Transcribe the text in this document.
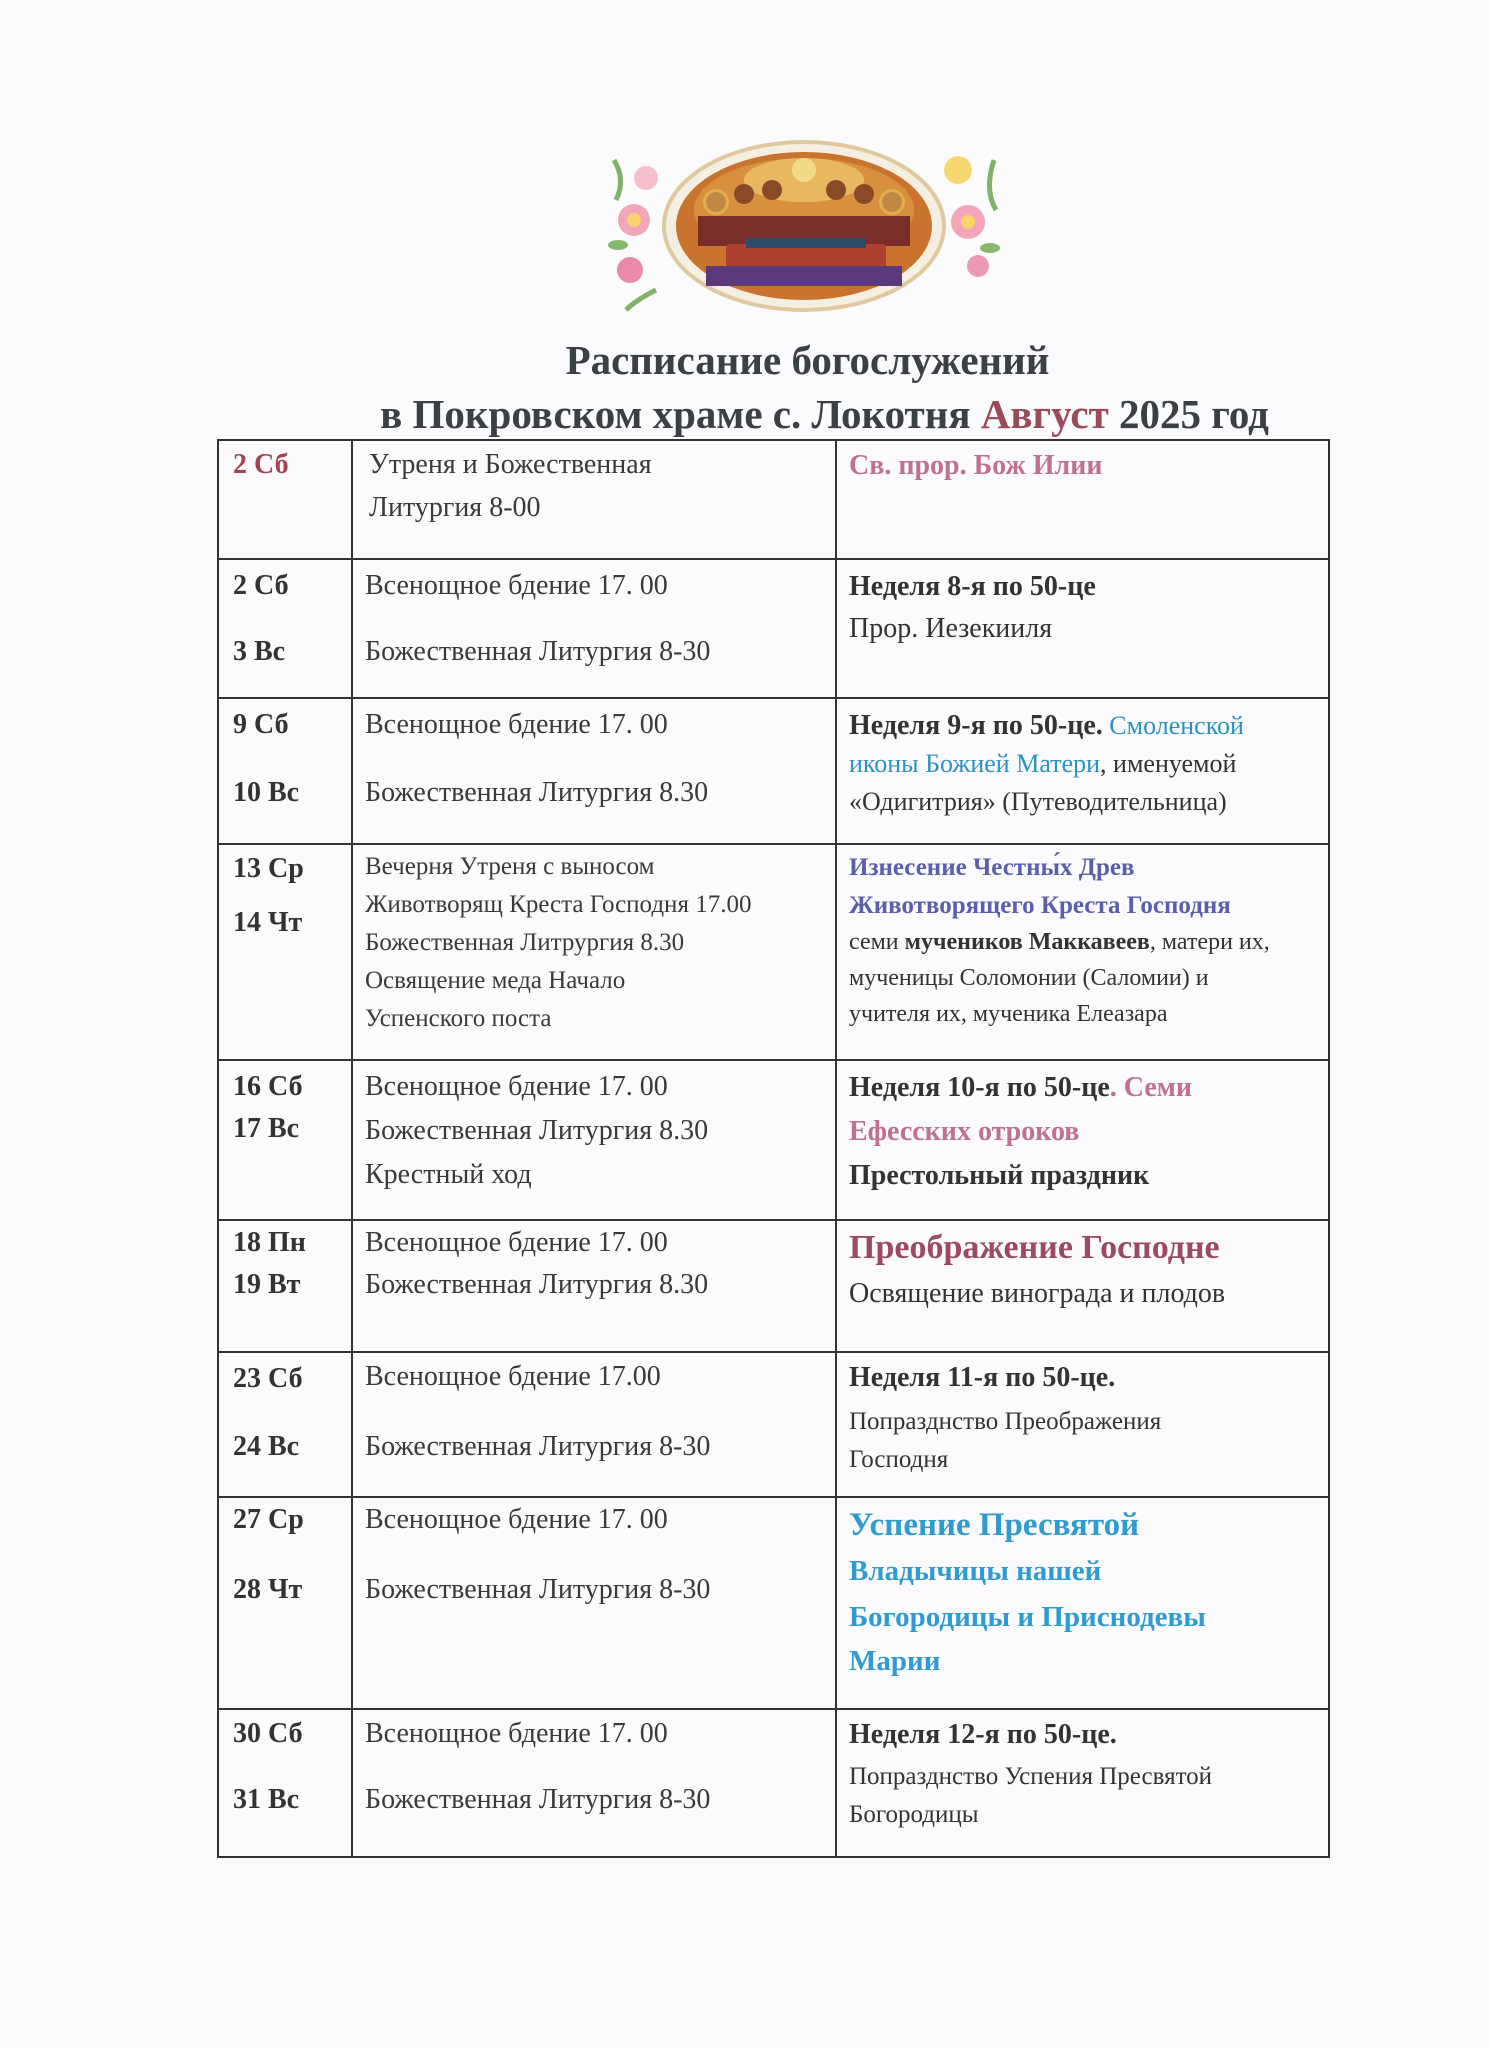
Расписание богослужений
в Покровском храме с. Локотня Август 2025 год
2 Сб	Утреня и Божественная
Литургия 8-00
Св. прор. Бож Илии
2 Сб
3 Вс
Всенощное бдение 17. 00
Божественная Литургия 8-30
Неделя 8-я по 50-це
Прор. Иезекииля
9 Сб
10 Вс
Всенощное бдение 17. 00
Божественная Литургия 8.30
Неделя 9-я по 50-це. Смоленской иконы Божией Матери, именуемой «Одигитрия» (Путеводительница)
13 Ср
14 Чт
Вечерня Утреня с выносом
Животворящ Креста Господня 17.00
Божественная Литрургия 8.30
Освящение меда Начало
Успенского поста
Изнесение Честны́х Древ
Животворящего Креста Господня
семи мучеников Маккавеев, матери их,
мученицы Соломонии (Саломии) и
учителя их, мученика Елеазара
16 Сб
17 Вс
Всенощное бдение 17. 00
Божественная Литургия 8.30
Крестный ход
Неделя 10-я по 50-це. Семи
Ефесских отроков
Престольный праздник
18 Пн
19 Вт
Всенощное бдение 17. 00
Божественная Литургия 8.30
Преображение Господне
Освящение винограда и плодов
23 Сб
24 Вс
Всенощное бдение 17.00
Божественная Литургия 8-30
Неделя 11-я по 50-це.
Попразднство Преображения
Господня
27 Ср
28 Чт
Всенощное бдение 17. 00
Божественная Литургия 8-30
Успение Пресвятой
Владычицы нашей
Богородицы и Приснодевы
Марии
30 Сб
31 Вс
Всенощное бдение 17. 00
Божественная Литургия 8-30
Неделя 12-я по 50-це.
Попразднство Успения Пресвятой
Богородицы
